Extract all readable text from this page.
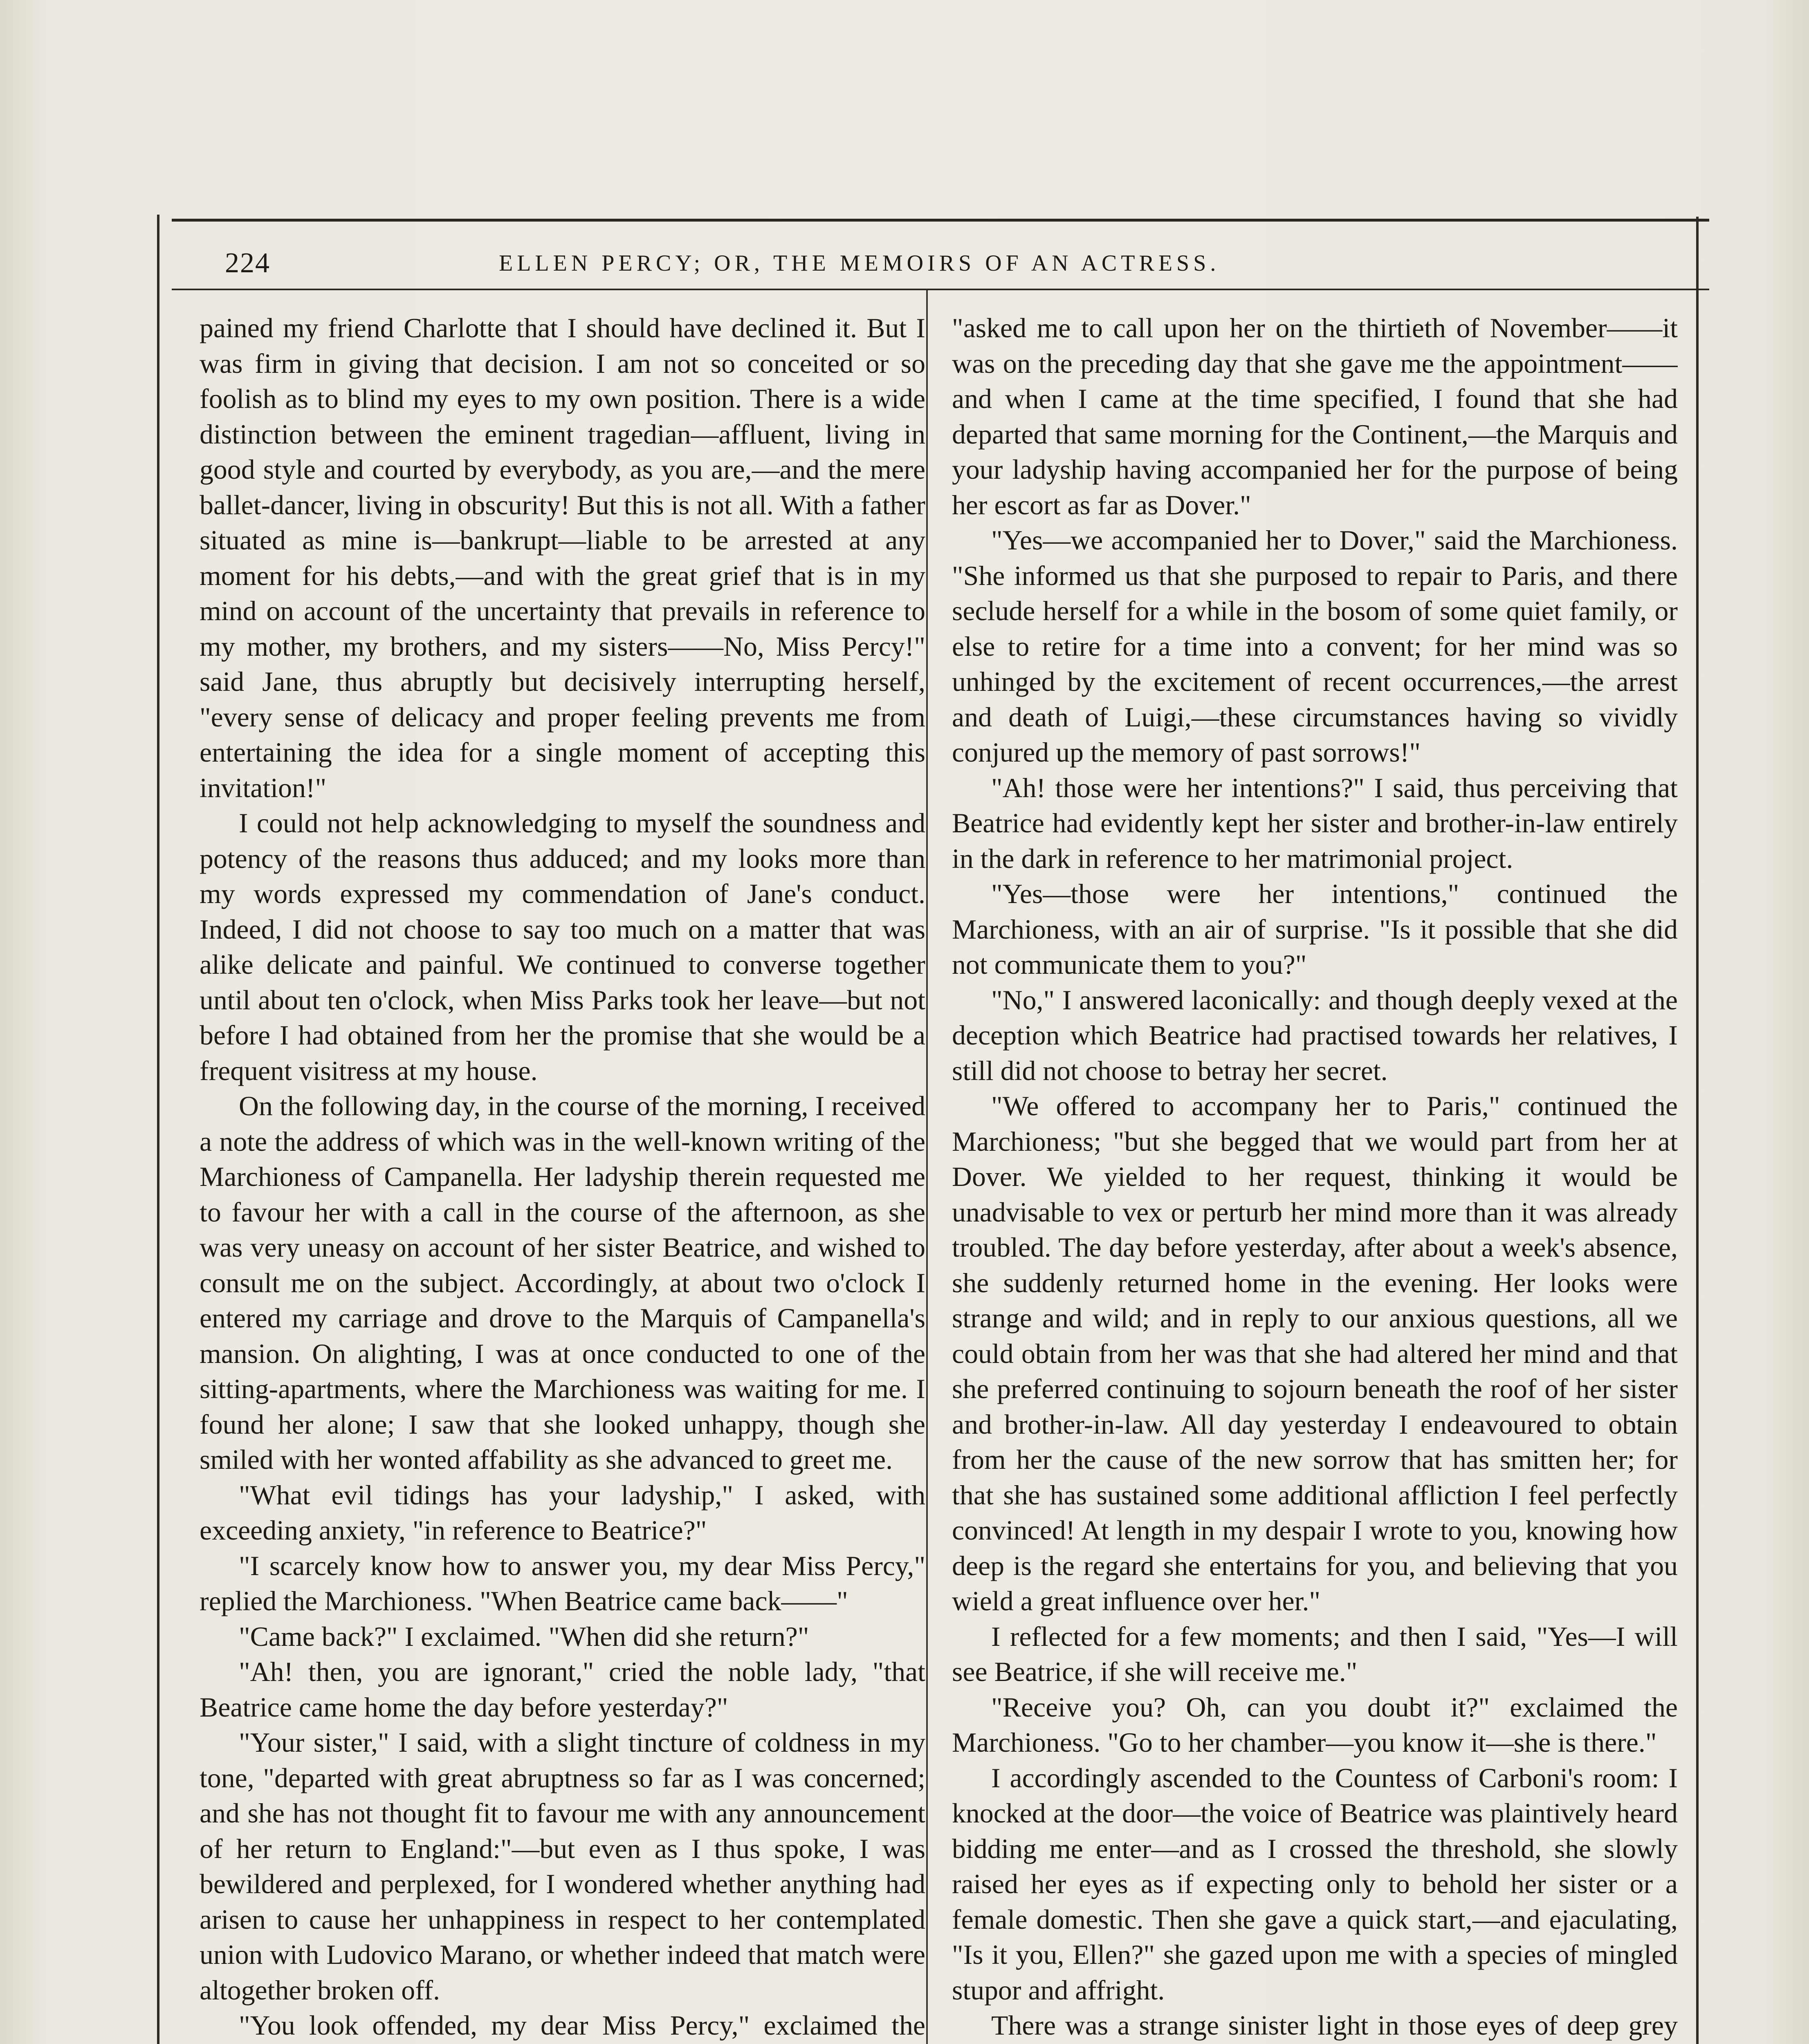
224	ELLEN PERCY; OR, THE MEMOIRS OF AN ACTRESS.

pained my friend Charlotte that I should have declined it. But I was firm in giving that decision. I am not so conceited or so foolish as to blind my eyes to my own position. There is a wide distinction between the eminent tragedian—affluent, living in good style and courted by everybody, as you are,—and the mere ballet-dancer, living in obscurity! But this is not all. With a father situated as mine is—bankrupt—liable to be arrested at any moment for his debts,—and with the great grief that is in my mind on account of the uncertainty that prevails in reference to my mother, my brothers, and my sisters——No, Miss Percy!" said Jane, thus abruptly but decisively interrupting herself, "every sense of delicacy and proper feeling prevents me from entertaining the idea for a single moment of accepting this invitation!"

I could not help acknowledging to myself the soundness and potency of the reasons thus adduced; and my looks more than my words expressed my commendation of Jane's conduct. Indeed, I did not choose to say too much on a matter that was alike delicate and painful. We continued to converse together until about ten o'clock, when Miss Parks took her leave—but not before I had obtained from her the promise that she would be a frequent visitress at my house.

On the following day, in the course of the morning, I received a note the address of which was in the well-known writing of the Marchioness of Campanella. Her ladyship therein requested me to favour her with a call in the course of the afternoon, as she was very uneasy on account of her sister Beatrice, and wished to consult me on the subject. Accordingly, at about two o'clock I entered my carriage and drove to the Marquis of Campanella's mansion. On alighting, I was at once conducted to one of the sitting-apartments, where the Marchioness was waiting for me. I found her alone; I saw that she looked unhappy, though she smiled with her wonted affability as she advanced to greet me.

"What evil tidings has your ladyship," I asked, with exceeding anxiety, "in reference to Beatrice?"

"I scarcely know how to answer you, my dear Miss Percy," replied the Marchioness. "When Beatrice came back——"

"Came back?" I exclaimed. "When did she return?"

"Ah! then, you are ignorant," cried the noble lady, "that Beatrice came home the day before yesterday?"

"Your sister," I said, with a slight tincture of coldness in my tone, "departed with great abruptness so far as I was concerned; and she has not thought fit to favour me with any announcement of her return to England:"—but even as I thus spoke, I was bewildered and perplexed, for I wondered whether anything had arisen to cause her unhappiness in respect to her contemplated union with Ludovico Marano, or whether indeed that match were altogether broken off.

"You look offended, my dear Miss Percy," exclaimed the

"asked me to call upon her on the thirtieth of November——it was on the preceding day that she gave me the appointment——and when I came at the time specified, I found that she had departed that same morning for the Continent,—the Marquis and your ladyship having accompanied her for the purpose of being her escort as far as Dover."

"Yes—we accompanied her to Dover," said the Marchioness. "She informed us that she purposed to repair to Paris, and there seclude herself for a while in the bosom of some quiet family, or else to retire for a time into a convent; for her mind was so unhinged by the excitement of recent occurrences,—the arrest and death of Luigi,—these circumstances having so vividly conjured up the memory of past sorrows!"

"Ah! those were her intentions?" I said, thus perceiving that Beatrice had evidently kept her sister and brother-in-law entirely in the dark in reference to her matrimonial project.

"Yes—those were her intentions," continued the Marchioness, with an air of surprise. "Is it possible that she did not communicate them to you?"

"No," I answered laconically: and though deeply vexed at the deception which Beatrice had practised towards her relatives, I still did not choose to betray her secret.

"We offered to accompany her to Paris," continued the Marchioness; "but she begged that we would part from her at Dover. We yielded to her request, thinking it would be unadvisable to vex or perturb her mind more than it was already troubled. The day before yesterday, after about a week's absence, she suddenly returned home in the evening. Her looks were strange and wild; and in reply to our anxious questions, all we could obtain from her was that she had altered her mind and that she preferred continuing to sojourn beneath the roof of her sister and brother-in-law. All day yesterday I endeavoured to obtain from her the cause of the new sorrow that has smitten her; for that she has sustained some additional affliction I feel perfectly convinced! At length in my despair I wrote to you, knowing how deep is the regard she entertains for you, and believing that you wield a great influence over her."

I reflected for a few moments; and then I said, "Yes—I will see Beatrice, if she will receive me."

"Receive you? Oh, can you doubt it?" exclaimed the Marchioness. "Go to her chamber—you know it—she is there."

I accordingly ascended to the Countess of Carboni's room: I knocked at the door—the voice of Beatrice was plaintively heard bidding me enter—and as I crossed the threshold, she slowly raised her eyes as if expecting only to behold her sister or a female domestic. Then she gave a quick start,—and ejaculating, "Is it you, Ellen?" she gazed upon me with a species of mingled stupor and affright.

There was a strange sinister light in those eyes of deep grey
